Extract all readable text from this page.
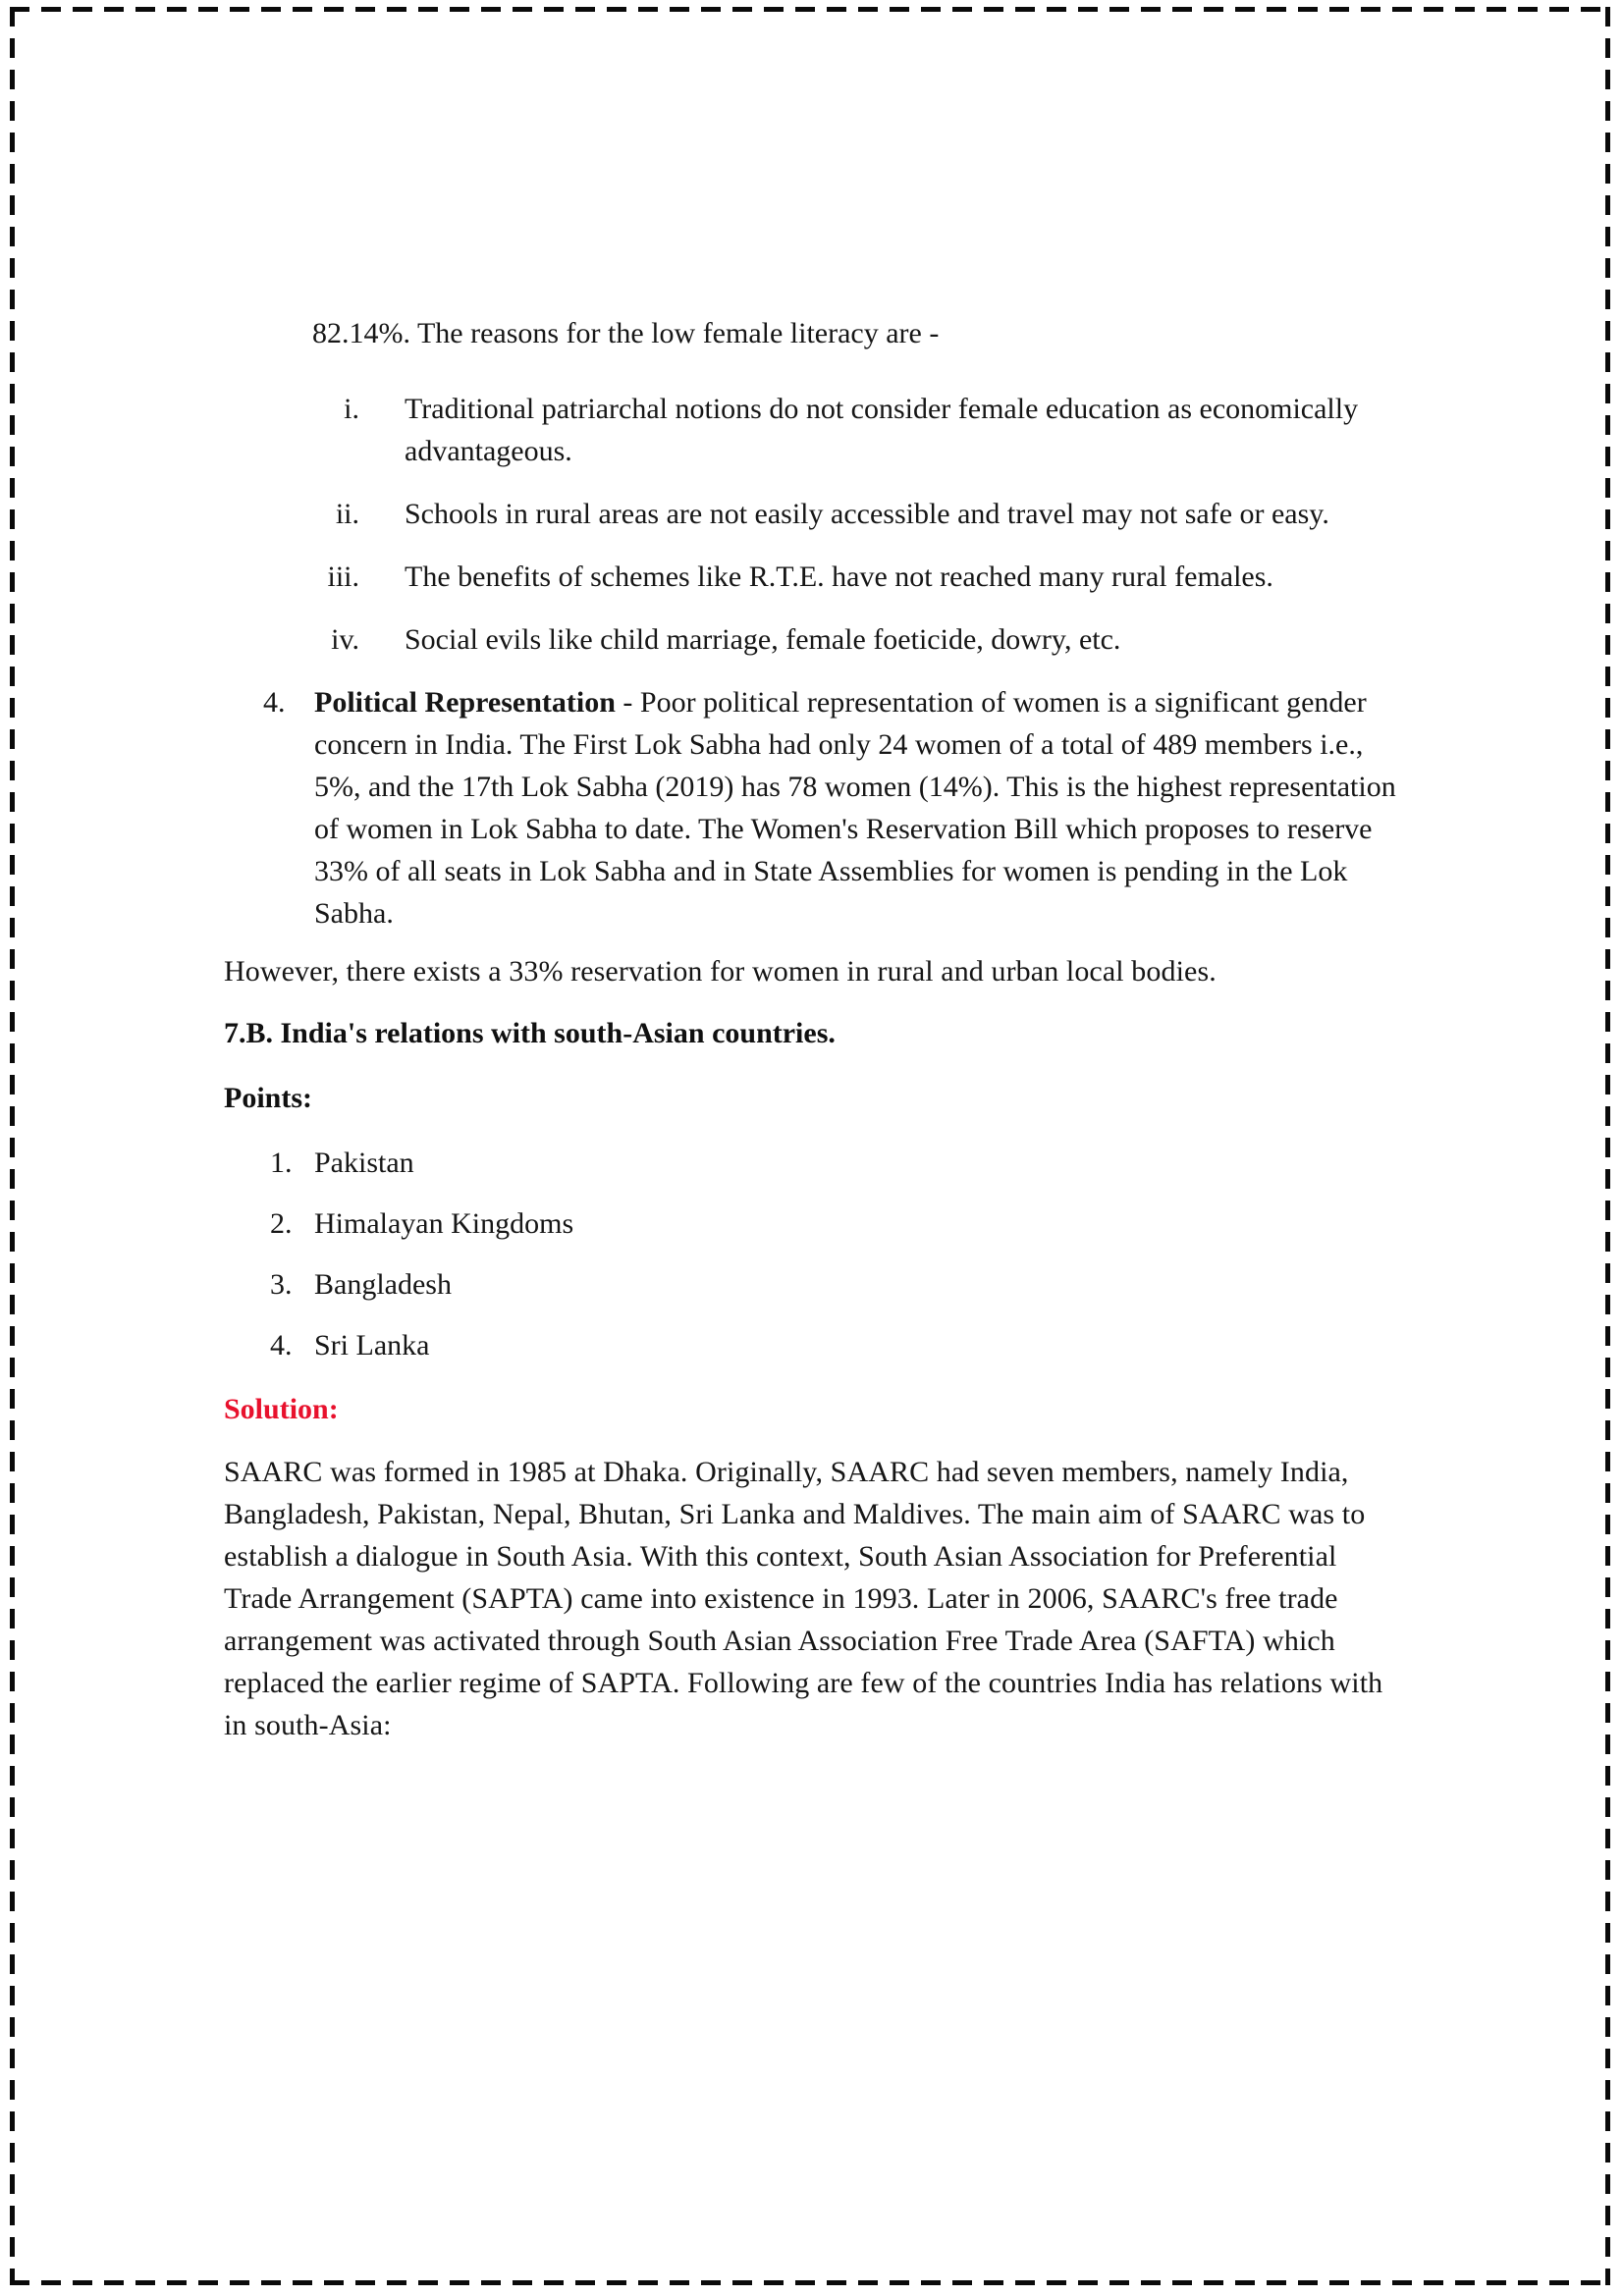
82.14%. The reasons for the low female literacy are -

i. Traditional patriarchal notions do not consider female education as economically advantageous.
ii. Schools in rural areas are not easily accessible and travel may not safe or easy.
iii. The benefits of schemes like R.T.E. have not reached many rural females.
iv. Social evils like child marriage, female foeticide, dowry, etc.
4. Political Representation - Poor political representation of women is a significant gender concern in India. The First Lok Sabha had only 24 women of a total of 489 members i.e., 5%, and the 17th Lok Sabha (2019) has 78 women (14%). This is the highest representation of women in Lok Sabha to date. The Women's Reservation Bill which proposes to reserve 33% of all seats in Lok Sabha and in State Assemblies for women is pending in the Lok Sabha.

However, there exists a 33% reservation for women in rural and urban local bodies.

7.B. India's relations with south-Asian countries.

Points:

1. Pakistan
2. Himalayan Kingdoms
3. Bangladesh
4. Sri Lanka

Solution:

SAARC was formed in 1985 at Dhaka. Originally, SAARC had seven members, namely India, Bangladesh, Pakistan, Nepal, Bhutan, Sri Lanka and Maldives. The main aim of SAARC was to establish a dialogue in South Asia. With this context, South Asian Association for Preferential Trade Arrangement (SAPTA) came into existence in 1993. Later in 2006, SAARC's free trade arrangement was activated through South Asian Association Free Trade Area (SAFTA) which replaced the earlier regime of SAPTA. Following are few of the countries India has relations with in south-Asia:
